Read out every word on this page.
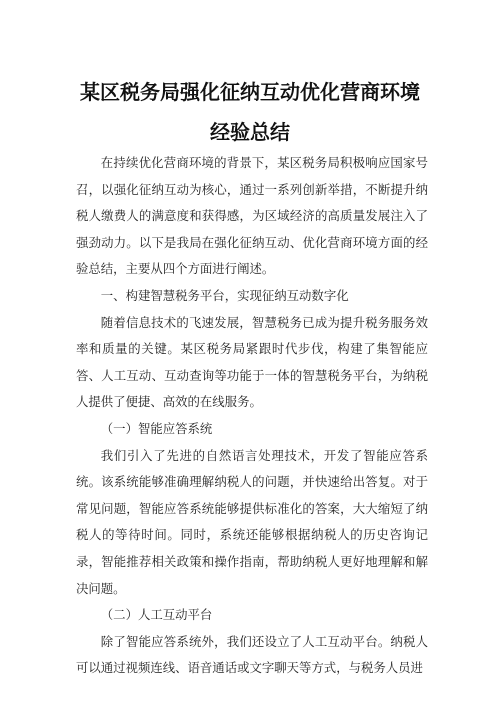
某区税务局强化征纳互动优化营商环境
经验总结

在持续优化营商环境的背景下，某区税务局积极响应国家号召，以强化征纳互动为核心，通过一系列创新举措，不断提升纳税人缴费人的满意度和获得感，为区域经济的高质量发展注入了强劲动力。以下是我局在强化征纳互动、优化营商环境方面的经验总结，主要从四个方面进行阐述。

一、构建智慧税务平台，实现征纳互动数字化

随着信息技术的飞速发展，智慧税务已成为提升税务服务效率和质量的关键。某区税务局紧跟时代步伐，构建了集智能应答、人工互动、互动查询等功能于一体的智慧税务平台，为纳税人提供了便捷、高效的在线服务。

（一）智能应答系统

我们引入了先进的自然语言处理技术，开发了智能应答系统。该系统能够准确理解纳税人的问题，并快速给出答复。对于常见问题，智能应答系统能够提供标准化的答案，大大缩短了纳税人的等待时间。同时，系统还能够根据纳税人的历史咨询记录，智能推荐相关政策和操作指南，帮助纳税人更好地理解和解决问题。

（二）人工互动平台

除了智能应答系统外，我们还设立了人工互动平台。纳税人可以通过视频连线、语音通话或文字聊天等方式，与税务人员进
